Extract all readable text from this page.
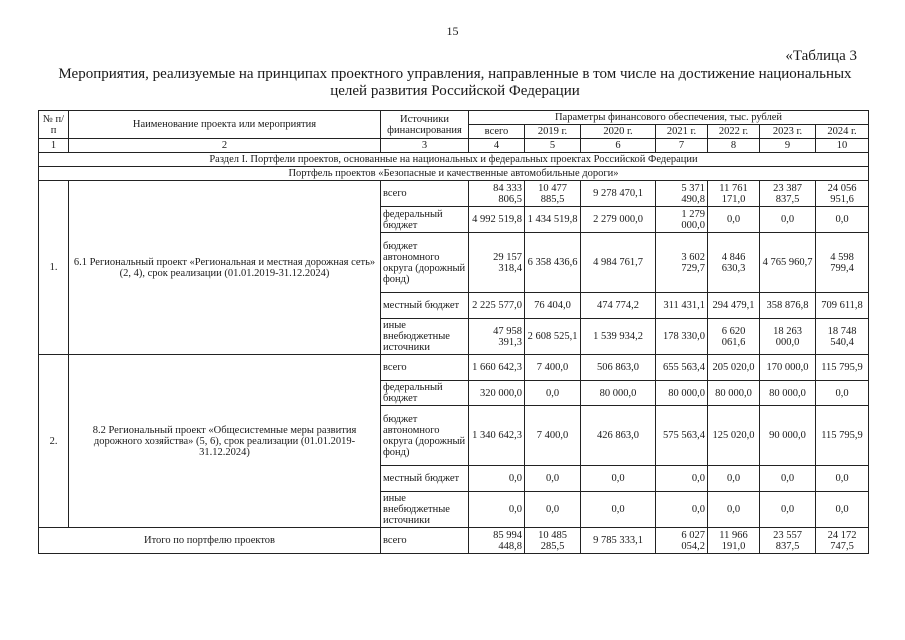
15
«Таблица 3
Мероприятия, реализуемые на принципах проектного управления, направленные в том числе на достижение национальных
целей развития Российской Федерации
№ п/п	Наименование проекта или мероприятия	Источники финансирования	Параметры финансового обеспечения, тыс. рублей						
			всего	2019 г.	2020 г.	2021 г.	2022 г.	2023 г.	2024 г.
1	2	3	4	5	6	7	8	9	10
Раздел I. Портфели проектов, основанные на национальных и федеральных проектах Российской Федерации									
Портфель проектов «Безопасные и качественные автомобильные дороги»									
1.	6.1 Региональный проект «Региональная и местная дорожная сеть» (2, 4), срок реализации (01.01.2019-31.12.2024)	всего	84 333 806,5	10 477 885,5	9 278 470,1	5 371 490,8	11 761 171,0	23 387 837,5	24 056 951,6
		федеральный бюджет	4 992 519,8	1 434 519,8	2 279 000,0	1 279 000,0	0,0	0,0	0,0
		бюджет автономного округа (дорожный фонд)	29 157 318,4	6 358 436,6	4 984 761,7	3 602 729,7	4 846 630,3	4 765 960,7	4 598 799,4
		местный бюджет	2 225 577,0	76 404,0	474 774,2	311 431,1	294 479,1	358 876,8	709 611,8
		иные внебюджетные источники	47 958 391,3	2 608 525,1	1 539 934,2	178 330,0	6 620 061,6	18 263 000,0	18 748 540,4
2.	8.2 Региональный проект «Общесистемные меры развития дорожного хозяйства» (5, 6), срок реализации (01.01.2019-31.12.2024)	всего	1 660 642,3	7 400,0	506 863,0	655 563,4	205 020,0	170 000,0	115 795,9
		федеральный бюджет	320 000,0	0,0	80 000,0	80 000,0	80 000,0	80 000,0	0,0
		бюджет автономного округа (дорожный фонд)	1 340 642,3	7 400,0	426 863,0	575 563,4	125 020,0	90 000,0	115 795,9
		местный бюджет	0,0	0,0	0,0	0,0	0,0	0,0	0,0
		иные внебюджетные источники	0,0	0,0	0,0	0,0	0,0	0,0	0,0
Итого по портфелю проектов		всего	85 994 448,8	10 485 285,5	9 785 333,1	6 027 054,2	11 966 191,0	23 557 837,5	24 172 747,5
